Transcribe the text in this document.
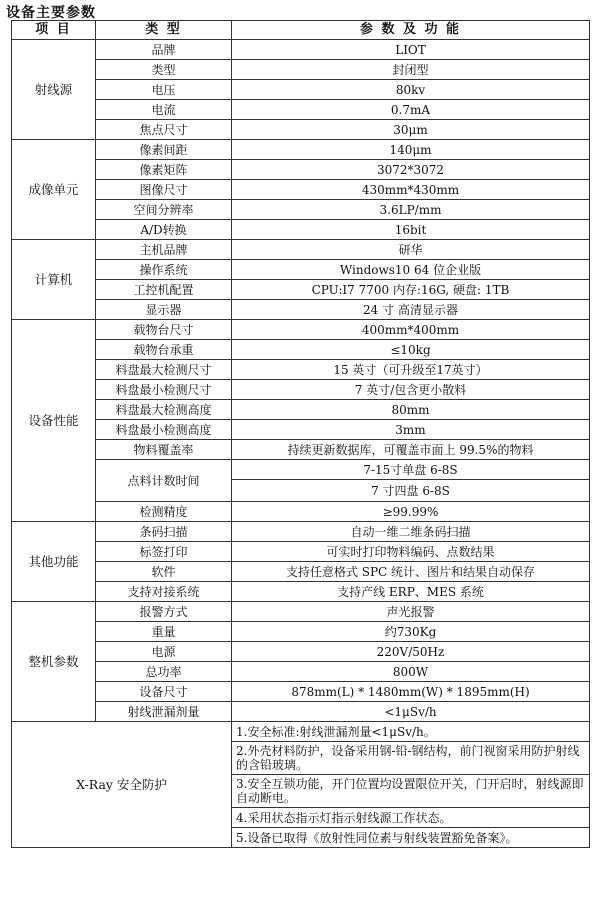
设备主要参数
项 目	类 型	参 数 及 功 能
射线源	品牌	LIOT
	类型	封闭型
	电压	80kv
	电流	0.7mA
	焦点尺寸	30μm
成像单元	像素间距	140μm
	像素矩阵	3072*3072
	图像尺寸	430mm*430mm
	空间分辨率	3.6LP/mm
	A/D转换	16bit
计算机	主机品牌	研华
	操作系统	Windows10 64 位企业版
	工控机配置	CPU:I7 7700 内存:16G, 硬盘: 1TB
	显示器	24 寸 高清显示器
设备性能	载物台尺寸	400mm*400mm
	载物台承重	≤10kg
	料盘最大检测尺寸	15 英寸（可升级至17英寸）
	料盘最小检测尺寸	7 英寸/包含更小散料
	料盘最大检测高度	80mm
	料盘最小检测高度	3mm
	物料覆盖率	持续更新数据库，可覆盖市面上 99.5%的物料
	点料计数时间	7-15寸单盘 6-8S
		7 寸四盘 6-8S
	检测精度	≥99.99%
其他功能	条码扫描	自动一维二维条码扫描
	标签打印	可实时打印物料编码、点数结果
	软件	支持任意格式 SPC 统计、图片和结果自动保存
	支持对接系统	支持产线 ERP、MES 系统
整机参数	报警方式	声光报警
	重量	约730Kg
	电源	220V/50Hz
	总功率	800W
	设备尺寸	878mm(L) * 1480mm(W) * 1895mm(H)
	射线泄漏剂量	<1μSv/h
X-Ray 安全防护		1.安全标准:射线泄漏剂量<1μSv/h。
		2.外壳材料防护，设备采用钢-铅-钢结构，前门视窗采用防护射线的含铅玻璃。
		3.安全互锁功能，开门位置均设置限位开关，门开启时，射线源即自动断电。
		4.采用状态指示灯指示射线源工作状态。
		5.设备已取得《放射性同位素与射线装置豁免备案》。
